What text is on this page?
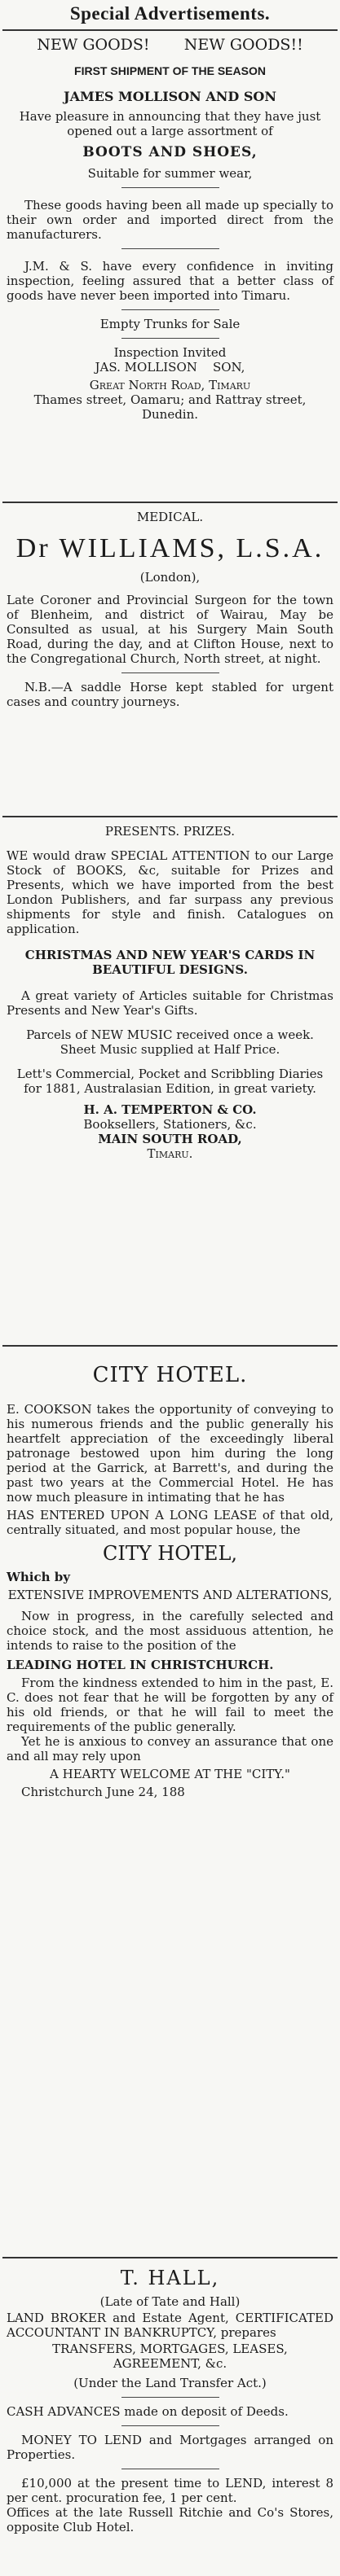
Special Advertisements.

NEW GOODS!       NEW GOODS!!

FIRST SHIPMENT OF THE SEASON

JAMES MOLLISON AND SON

Have pleasure in announcing that they have just opened out a large assortment of

BOOTS AND SHOES,

Suitable for summer wear,

These goods having been all made up specially to their own order and imported direct from the manufacturers.

J.M. & S. have every confidence in inviting inspection, feeling assured that a better class of goods have never been imported into Timaru.

Empty Trunks for Sale

Inspection Invited

JAS. MOLLISON    SON,

Great North Road, Timaru

Thames street, Oamaru; and Rattray street, Dunedin.

MEDICAL.

Dr WILLIAMS, L.S.A.

(London),

Late Coroner and Provincial Surgeon for the town of Blenheim, and district of Wairau, May be Consulted as usual, at his Surgery Main South Road, during the day, and at Clifton House, next to the Congregational Church, North street, at night.

N.B.—A saddle Horse kept stabled for urgent cases and country journeys.

PRESENTS. PRIZES.

WE would draw SPECIAL ATTENTION to our Large Stock of BOOKS, &c, suitable for Prizes and Presents, which we have imported from the best London Publishers, and far surpass any previous shipments for style and finish. Catalogues on application.

CHRISTMAS AND NEW YEAR'S CARDS IN BEAUTIFUL DESIGNS.

A great variety of Articles suitable for Christmas Presents and New Year's Gifts.

Parcels of NEW MUSIC received once a week. Sheet Music supplied at Half Price.

Lett's Commercial, Pocket and Scribbling Diaries for 1881, Australasian Edition, in great variety.

H. A. TEMPERTON & CO.

Booksellers, Stationers, &c.

MAIN SOUTH ROAD,

Timaru.

CITY HOTEL.

E. COOKSON takes the opportunity of conveying to his numerous friends and the public generally his heartfelt appreciation of the exceedingly liberal patronage bestowed upon him during the long period at the Garrick, at Barrett's, and during the past two years at the Commercial Hotel. He has now much pleasure in intimating that he has

HAS ENTERED UPON A LONG LEASE of that old, centrally situated, and most popular house, the

CITY HOTEL,

Which by

EXTENSIVE IMPROVEMENTS AND ALTERATIONS,

Now in progress, in the carefully selected and choice stock, and the most assiduous attention, he intends to raise to the position of the

LEADING HOTEL IN CHRISTCHURCH.

From the kindness extended to him in the past, E. C. does not fear that he will be forgotten by any of his old friends, or that he will fail to meet the requirements of the public generally.

Yet he is anxious to convey an assurance that one and all may rely upon

A HEARTY WELCOME AT THE "CITY."

Christchurch June 24, 188

T. HALL,

(Late of Tate and Hall)

LAND BROKER and Estate Agent, CERTIFICATED ACCOUNTANT IN BANKRUPTCY, prepares

TRANSFERS, MORTGAGES, LEASES, AGREEMENT, &c.

(Under the Land Transfer Act.)

CASH ADVANCES made on deposit of Deeds.

MONEY TO LEND and Mortgages arranged on Properties.

£10,000 at the present time to LEND, interest 8 per cent. procuration fee, 1 per cent.

Offices at the late Russell Ritchie and Co's Stores, opposite Club Hotel.
